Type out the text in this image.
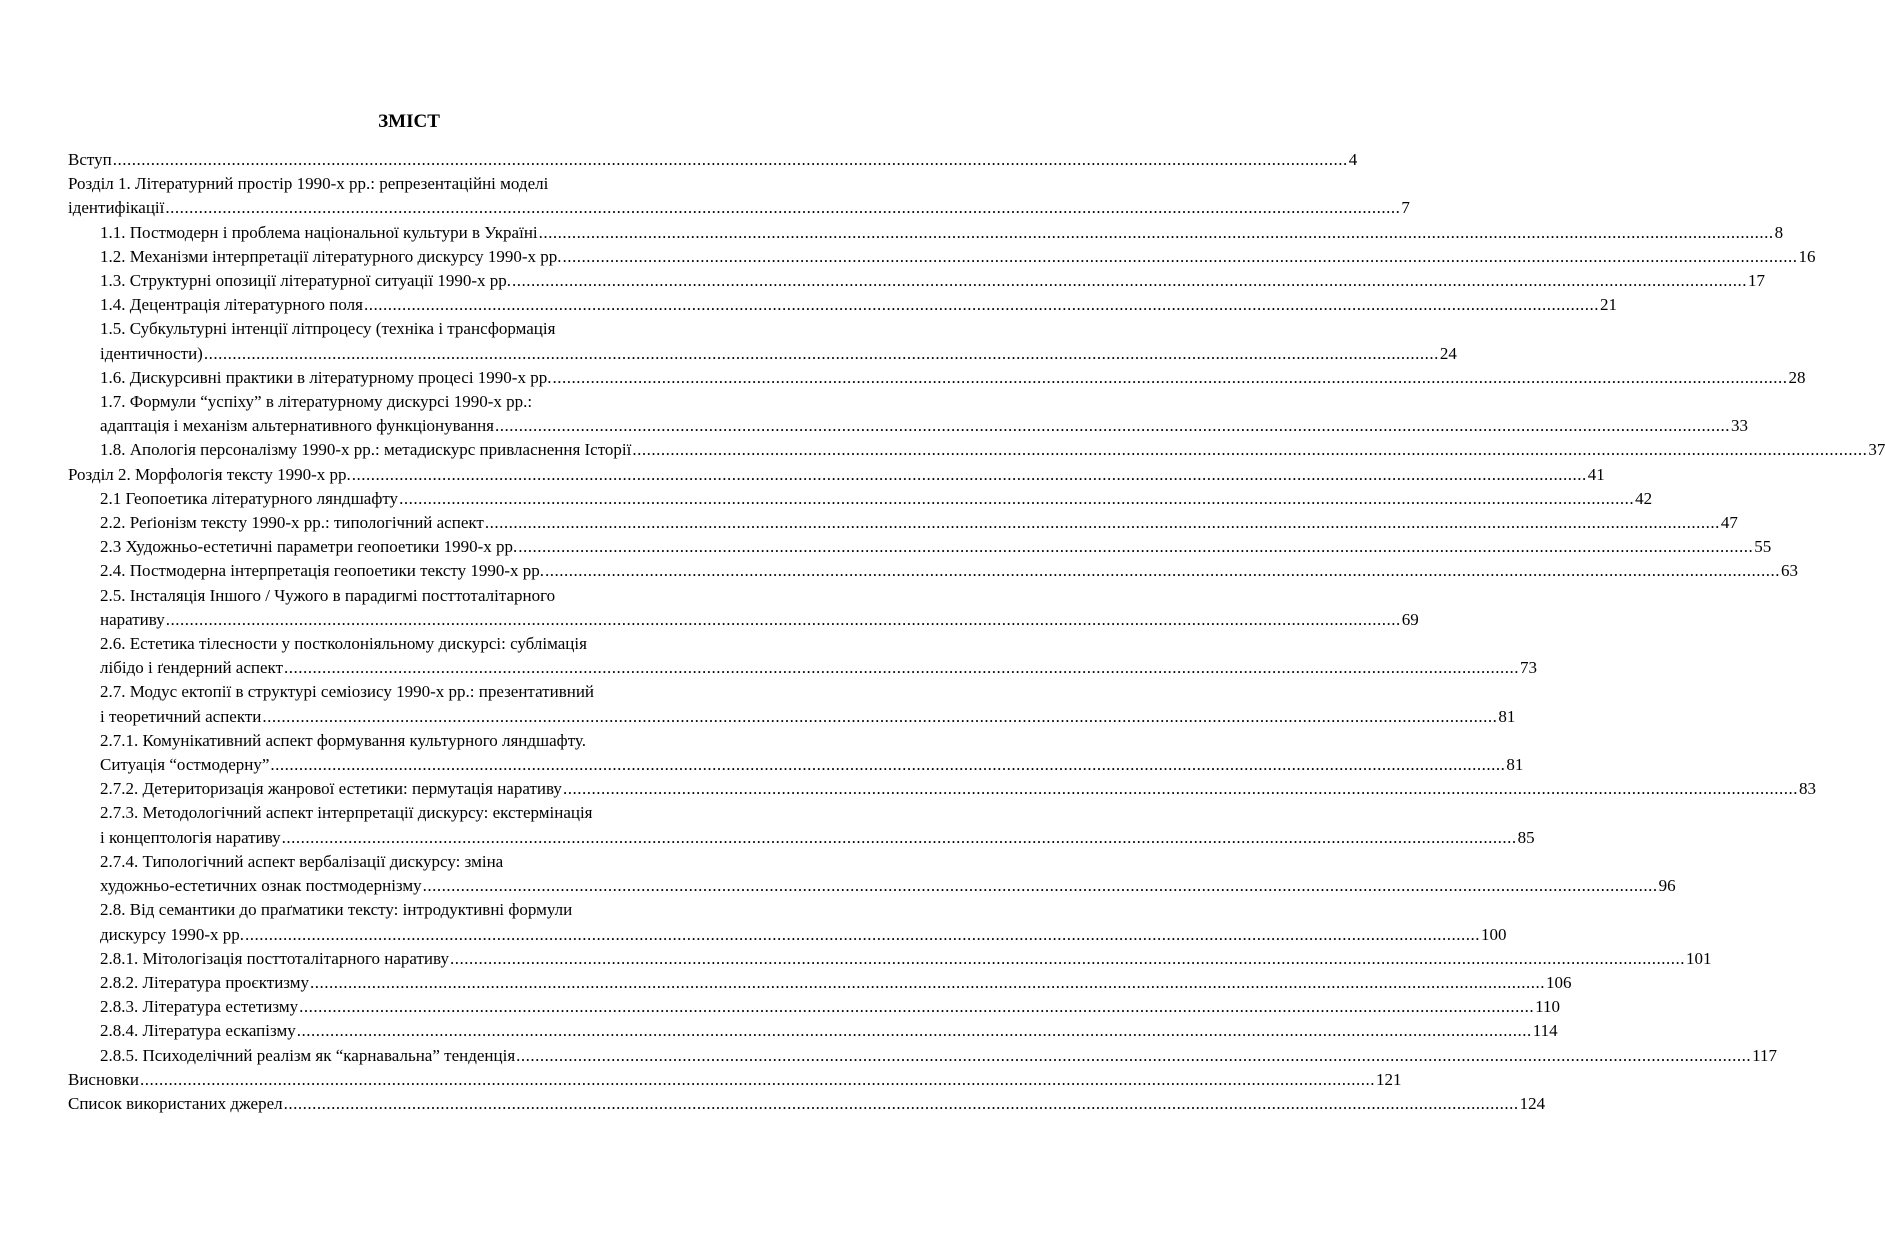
ЗМІСТ
Вступ .....	4
Розділ 1. Літературний простір 1990-х рр.: репрезентаційні моделі
ідентифікації .....	7
1.1. Постмодерн і проблема національної культури в Україні .....	8
1.2. Механізми інтерпретації літературного дискурсу 1990-х рр. .....	16
1.3. Структурні опозиції літературної ситуації 1990-х рр. .....	17
1.4. Децентрація літературного поля .....	21
1.5. Субкультурні інтенції літпроцесу (техніка і трансформація
ідентичности) .....	24
1.6. Дискурсивні практики в літературному процесі 1990-х рр. .....	28
1.7. Формули “успіху” в літературному дискурсі 1990-х рр.:
адаптація і механізм альтернативного функціонування .....	33
1.8. Апологія персоналізму 1990-х рр.: метадискурс привласнення Історії .....	37
Розділ 2. Морфологія тексту 1990-х рр. .....	41
2.1 Геопоетика літературного ляндшафту .....	42
2.2. Реґіонізм тексту 1990-х рр.: типологічний аспект .....	47
2.3 Художньо-естетичні параметри геопоетики 1990-х рр. .....	55
2.4. Постмодерна інтерпретація геопоетики тексту 1990-х рр. .....	63
2.5. Інсталяція Іншого / Чужого в парадигмі посттоталітарного
наративу .....	69
2.6. Естетика тілесности у постколоніяльному дискурсі: сублімація
лібідо і ґендерний аспект .....	73
2.7. Модус ектопії в структурі семіозису 1990-х рр.: презентативний
і теоретичний аспекти .....	81
2.7.1. Комунікативний аспект формування культурного ляндшафту.
Ситуація “остмодерну” .....	81
2.7.2. Детериторизація жанрової естетики: пермутація наративу .....	83
2.7.3. Методологічний аспект інтерпретації дискурсу: екстермінація
і концептологія наративу .....	85
2.7.4. Типологічний аспект вербалізації дискурсу: зміна
художньо-естетичних ознак постмодернізму .....	96
2.8. Від семантики до праґматики тексту: інтродуктивні формули
дискурсу 1990-х рр. .....	100
2.8.1. Мітологізація посттоталітарного наративу .....	101
2.8.2. Література проєктизму .....	106
2.8.3. Література естетизму .....	110
2.8.4. Література ескапізму .....	114
2.8.5. Психоделічний реалізм як “карнавальна” тенденція .....	117
Висновки .....	121
Список використаних джерел .....	124
